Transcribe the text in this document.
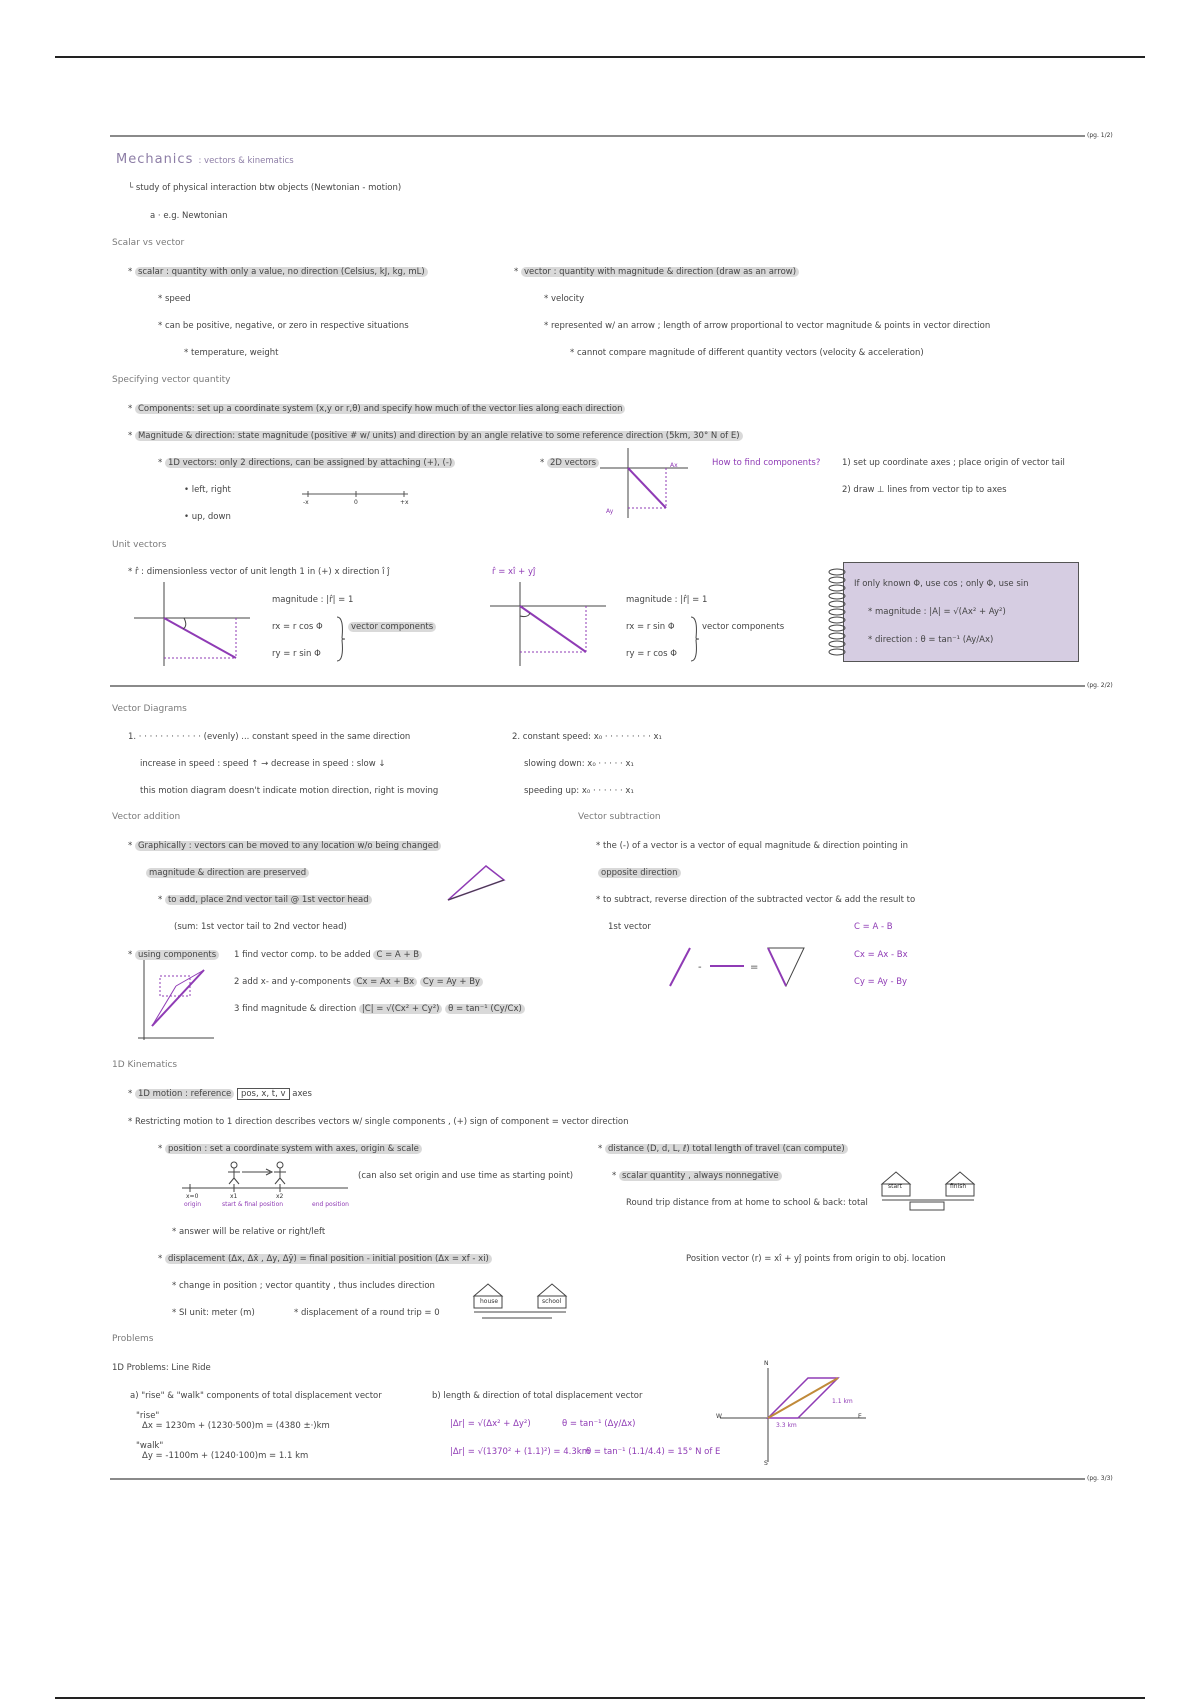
(pg. 1/2)
(pg. 2/2)
(pg. 3/3)
Mechanics : vectors & kinematics
└ study of physical interaction btw objects (Newtonian - motion)
a · e.g. Newtonian
Scalar vs vector
* scalar : quantity with only a value, no direction (Celsius, kJ, kg, mL)
* speed
* can be positive, negative, or zero in respective situations
* temperature, weight
* vector : quantity with magnitude & direction (draw as an arrow)
* velocity
* represented w/ an arrow ; length of arrow proportional to vector magnitude & points in vector direction
* cannot compare magnitude of different quantity vectors (velocity & acceleration)
Specifying vector quantity
* Components: set up a coordinate system (x,y or r,θ) and specify how much of the vector lies along each direction
* Magnitude & direction: state magnitude (positive # w/ units) and direction by an angle relative to some reference direction (5km, 30° N of E)
* 1D vectors: only 2 directions, can be assigned by attaching (+), (-)
• left, right
• up, down
-x	0	+x
* 2D vectors	Ax
Ay
How to find components?	1) set up coordinate axes ; place origin of vector tail
2) draw ⊥ lines from vector tip to axes
Unit vectors
* r̂ : dimensionless vector of unit length 1 in (+) x direction î ĵ	r̂ = xî + yĵ
magnitude : |r̂| = 1
rx = r cos Φ
ry = r sin Φ
vector components
magnitude : |r̂| = 1
rx = r sin Φ
ry = r cos Φ
vector components
If only known Φ, use cos ; only Φ, use sin
* magnitude : |A| = √(Ax² + Ay²)
* direction : θ = tan⁻¹ (Ay/Ax)
Vector Diagrams
1. · · · · · · · · · · · · (evenly) ... constant speed in the same direction
increase in speed : speed ↑ → decrease in speed : slow ↓
this motion diagram doesn't indicate motion direction, right is moving
2. constant speed: x₀ · · · · · · · · · x₁
slowing down: x₀ · · · · · x₁
speeding up: x₀ · · · · · · x₁
Vector addition
* Graphically : vectors can be moved to any location w/o being changed
magnitude & direction are preserved
* to add, place 2nd vector tail @ 1st vector head
(sum: 1st vector tail to 2nd vector head)
* using components	1 find vector comp. to be added C = A + B
2 add x- and y-components Cx = Ax + Bx Cy = Ay + By
3 find magnitude & direction |C| = √(Cx² + Cy²) θ = tan⁻¹ (Cy/Cx)
Vector subtraction
* the (-) of a vector is a vector of equal magnitude & direction pointing in
opposite direction
* to subtract, reverse direction of the subtracted vector & add the result to
1st vector
-	=
C = A - B
Cx = Ax - Bx
Cy = Ay - By
1D Kinematics
* 1D motion : reference pos, x, t, v axes
* Restricting motion to 1 direction describes vectors w/ single components , (+) sign of component = vector direction
* position : set a coordinate system with axes, origin & scale
x=0	x1	x2
origin	start & final position	end position
(can also set origin and use time as starting point)
* answer will be relative or right/left
* displacement (Δx, Δx̄ , Δy, Δȳ) = final position - initial position (Δx = xf - xi)
* change in position ; vector quantity , thus includes direction
* SI unit: meter (m)	* displacement of a round trip = 0
house	school
* distance (D, d, L, ℓ) total length of travel (can compute)
* scalar quantity , always nonnegative
Round trip distance from at home to school & back: total
start	finish
Position vector (r) = xî + yĵ points from origin to obj. location
Problems
1D Problems: Line Ride
a) "rise" & "walk" components of total displacement vector
"rise"
Δx = 1230m + (1230·500)m = (4380 ±·)km
"walk"
Δy = -1100m + (1240·100)m = 1.1 km
b) length & direction of total displacement vector
|Δr| = √(Δx² + Δy²)	θ = tan⁻¹ (Δy/Δx)
|Δr| = √(1370² + (1.1)²) = 4.3km
θ = tan⁻¹ (1.1/4.4) = 15° N of E
W	E
N
S
3.3 km
1.1 km
